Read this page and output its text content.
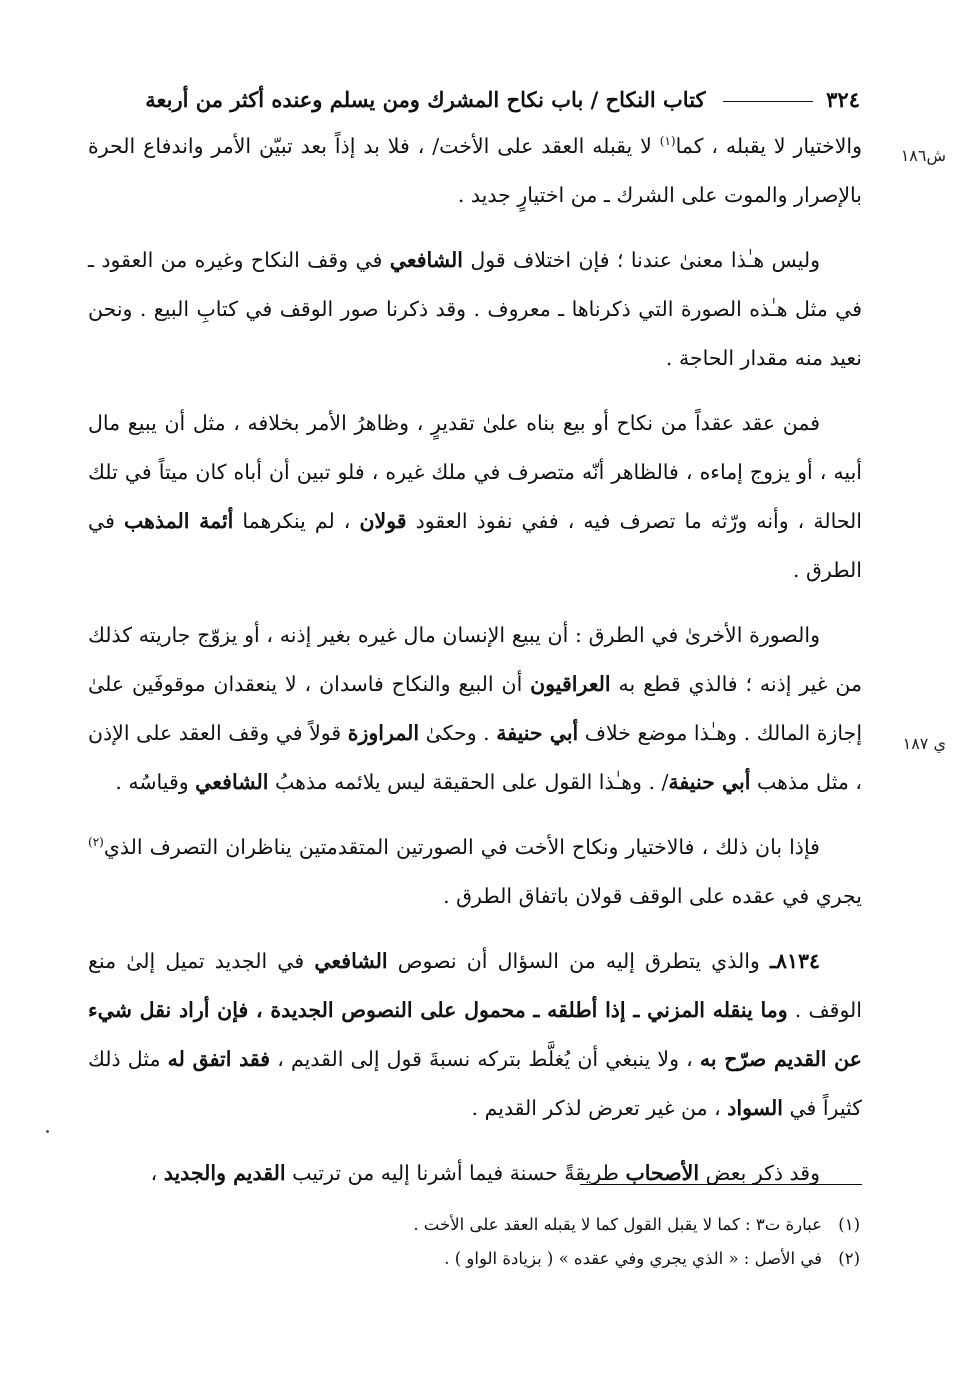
٣٢٤  كتاب النكاح / باب نكاح المشرك ومن يسلم وعنده أكثر من أربعة
ش١٨٦
ي ١٨٧

والاختيار لا يقبله ، كما$^{(١)}$ لا يقبله العقد على الأخت/ ، فلا بد إذاً بعد تبيّن الأمر واندفاع الحرة بالإصرار والموت على الشرك ـ من اختيارٍ جديد .

وليس هـٰذا معنىٰ عندنا ؛ فإن اختلاف قول الشافعي في وقف النكاح وغيره من العقود ـ في مثل هـٰذه الصورة التي ذكرناها ـ معروف . وقد ذكرنا صور الوقف في كتابِ البيع . ونحن نعيد منه مقدار الحاجة .

فمن عقد عقداً من نكاح أو بيع بناه علىٰ تقديرٍ ، وظاهرُ الأمر بخلافه ، مثل أن يبيع مال أبيه ، أو يزوج إماءه ، فالظاهر أنّه متصرف في ملك غيره ، فلو تبين أن أباه كان ميتاً في تلك الحالة ، وأنه ورّثه ما تصرف فيه ، ففي نفوذ العقود قولان ، لم ينكرهما أئمة المذهب في الطرق .

والصورة الأخرىٰ في الطرق : أن يبيع الإنسان مال غيره بغير إذنه ، أو يزوّج جاريته كذلك من غير إذنه ؛ فالذي قطع به العراقيون أن البيع والنكاح فاسدان ، لا ينعقدان موقوفَين علىٰ إجازة المالك . وهـٰذا موضع خلاف أبي حنيفة . وحكىٰ المراوزة قولاً في وقف العقد على الإذن ، مثل مذهب أبي حنيفة/ . وهـٰذا القول على الحقيقة ليس يلائمه مذهبُ الشافعي وقياسُه .

فإذا بان ذلك ، فالاختيار ونكاح الأخت في الصورتين المتقدمتين يناظران التصرف الذي$^{(٢)}$ يجري في عقده على الوقف قولان باتفاق الطرق .

٨١٣٤ـ والذي يتطرق إليه من السؤال أن نصوص الشافعي في الجديد تميل إلىٰ منع الوقف . وما ينقله المزني ـ إذا أطلقه ـ محمول على النصوص الجديدة ، فإن أراد نقل شيء عن القديم صرّح به ، ولا ينبغي أن يُغلَّط بتركه نسبةَ قول إلى القديم ، فقد اتفق له مثل ذلك كثيراً في السواد ، من غير تعرض لذكر القديم .

وقد ذكر بعض الأصحاب طريقةً حسنة فيما أشرنا إليه من ترتيب القديم والجديد ،

(١)عبارة ت٣ : كما لا يقبل القول كما لا يقبله العقد على الأخت .
(٢)في الأصل : « الذي يجري وفي عقده » ( بزيادة الواو ) .
